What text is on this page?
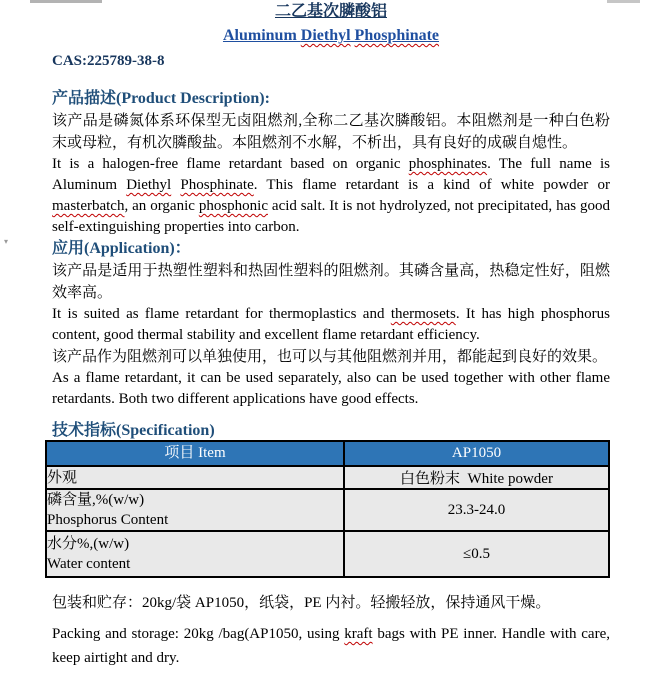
▾

二乙基次膦酸铝

Aluminum Diethyl Phosphinate

CAS:225789-38-8

产品描述(Product Description):

该产品是磷氮体系环保型无卤阻燃剂,全称二乙基次膦酸铝。本阻燃剂是一种白色粉末或母粒，有机次膦酸盐。本阻燃剂不水解，不析出，具有良好的成碳自熄性。

It is a halogen-free flame retardant based on organic phosphinates. The full name is Aluminum Diethyl Phosphinate. This flame retardant is a kind of white powder or masterbatch, an organic phosphonic acid salt. It is not hydrolyzed, not precipitated, has good self-extinguishing properties into carbon.

应用(Application)：

该产品是适用于热塑性塑料和热固性塑料的阻燃剂。其磷含量高，热稳定性好，阻燃效率高。

It is suited as flame retardant for thermoplastics and thermosets. It has high phosphorus content, good thermal stability and excellent flame retardant efficiency.

该产品作为阻燃剂可以单独使用，也可以与其他阻燃剂并用，都能起到良好的效果。

As a flame retardant, it can be used separately, also can be used together with other flame retardants. Both two different applications have good effects.

技术指标(Specification)

项目 Item	AP1050
外观	白色粉末  White powder
磷含量,%(w/w)
Phosphorus Content	23.3-24.0
水分%,(w/w)
Water content	≤0.5

包装和贮存：20kg/袋 AP1050，纸袋，PE 内衬。轻搬轻放，保持通风干燥。

Packing and storage: 20kg /bag(AP1050, using kraft bags with PE inner. Handle with care, keep airtight and dry.
